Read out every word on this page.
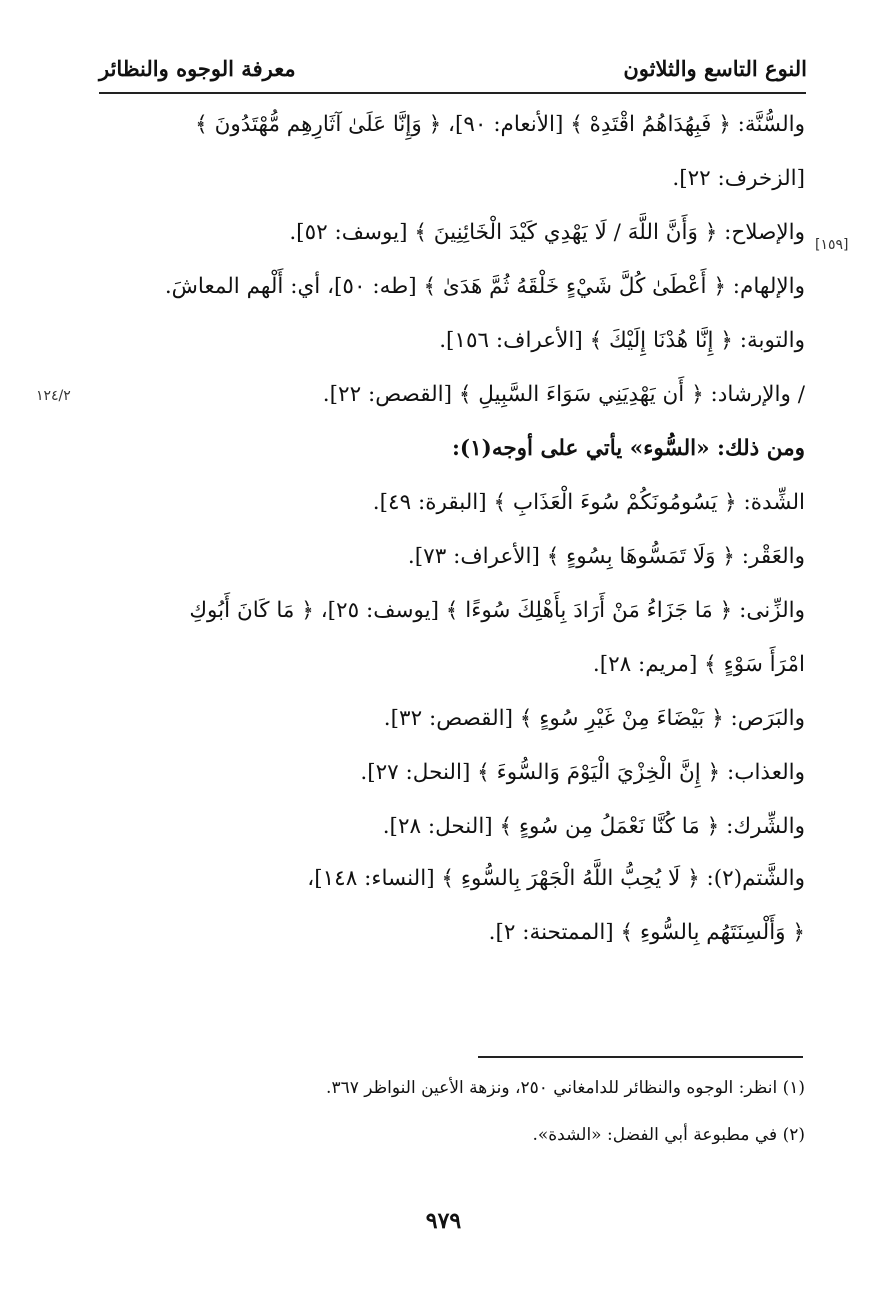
النوع التاسع والثلاثون
معرفة الوجوه والنظائر
[١٥٩]
١٢٤/٢
والسُّنَّة: ﴿ فَبِهُدَاهُمُ اقْتَدِهْ ﴾ [الأنعام: ٩٠]، ﴿ وَإِنَّا عَلَىٰ آثَارِهِم مُّهْتَدُونَ ﴾
[الزخرف: ٢٢].
والإصلاح: ﴿ وَأَنَّ اللَّهَ / لَا يَهْدِي كَيْدَ الْخَائِنِينَ ﴾ [يوسف: ٥٢].
والإلهام: ﴿ أَعْطَىٰ كُلَّ شَيْءٍ خَلْقَهُ ثُمَّ هَدَىٰ ﴾ [طه: ٥٠]، أي: أَلْهم المعاشَ.
والتوبة: ﴿ إِنَّا هُدْنَا إِلَيْكَ ﴾ [الأعراف: ١٥٦].
/ والإرشاد: ﴿ أَن يَهْدِيَنِي سَوَاءَ السَّبِيلِ ﴾ [القصص: ٢٢].
ومن ذلك: «السُّوء» يأتي على أوجه(١):
الشِّدة: ﴿ يَسُومُونَكُمْ سُوءَ الْعَذَابِ ﴾ [البقرة: ٤٩].
والعَقْر: ﴿ وَلَا تَمَسُّوهَا بِسُوءٍ ﴾ [الأعراف: ٧٣].
والزِّنى: ﴿ مَا جَزَاءُ مَنْ أَرَادَ بِأَهْلِكَ سُوءًا ﴾ [يوسف: ٢٥]، ﴿ مَا كَانَ أَبُوكِ
امْرَأَ سَوْءٍ ﴾ [مريم: ٢٨].
والبَرَص: ﴿ بَيْضَاءَ مِنْ غَيْرِ سُوءٍ ﴾ [القصص: ٣٢].
والعذاب: ﴿ إِنَّ الْخِزْيَ الْيَوْمَ وَالسُّوءَ ﴾ [النحل: ٢٧].
والشِّرك: ﴿ مَا كُنَّا نَعْمَلُ مِن سُوءٍ ﴾ [النحل: ٢٨].
والشَّتم(٢): ﴿ لَا يُحِبُّ اللَّهُ الْجَهْرَ بِالسُّوءِ ﴾ [النساء: ١٤٨]،
﴿ وَأَلْسِنَتَهُم بِالسُّوءِ ﴾ [الممتحنة: ٢].
(١) انظر: الوجوه والنظائر للدامغاني ٢٥٠، ونزهة الأعين النواظر ٣٦٧.
(٢) في مطبوعة أبي الفضل: «الشدة».
٩٧٩
